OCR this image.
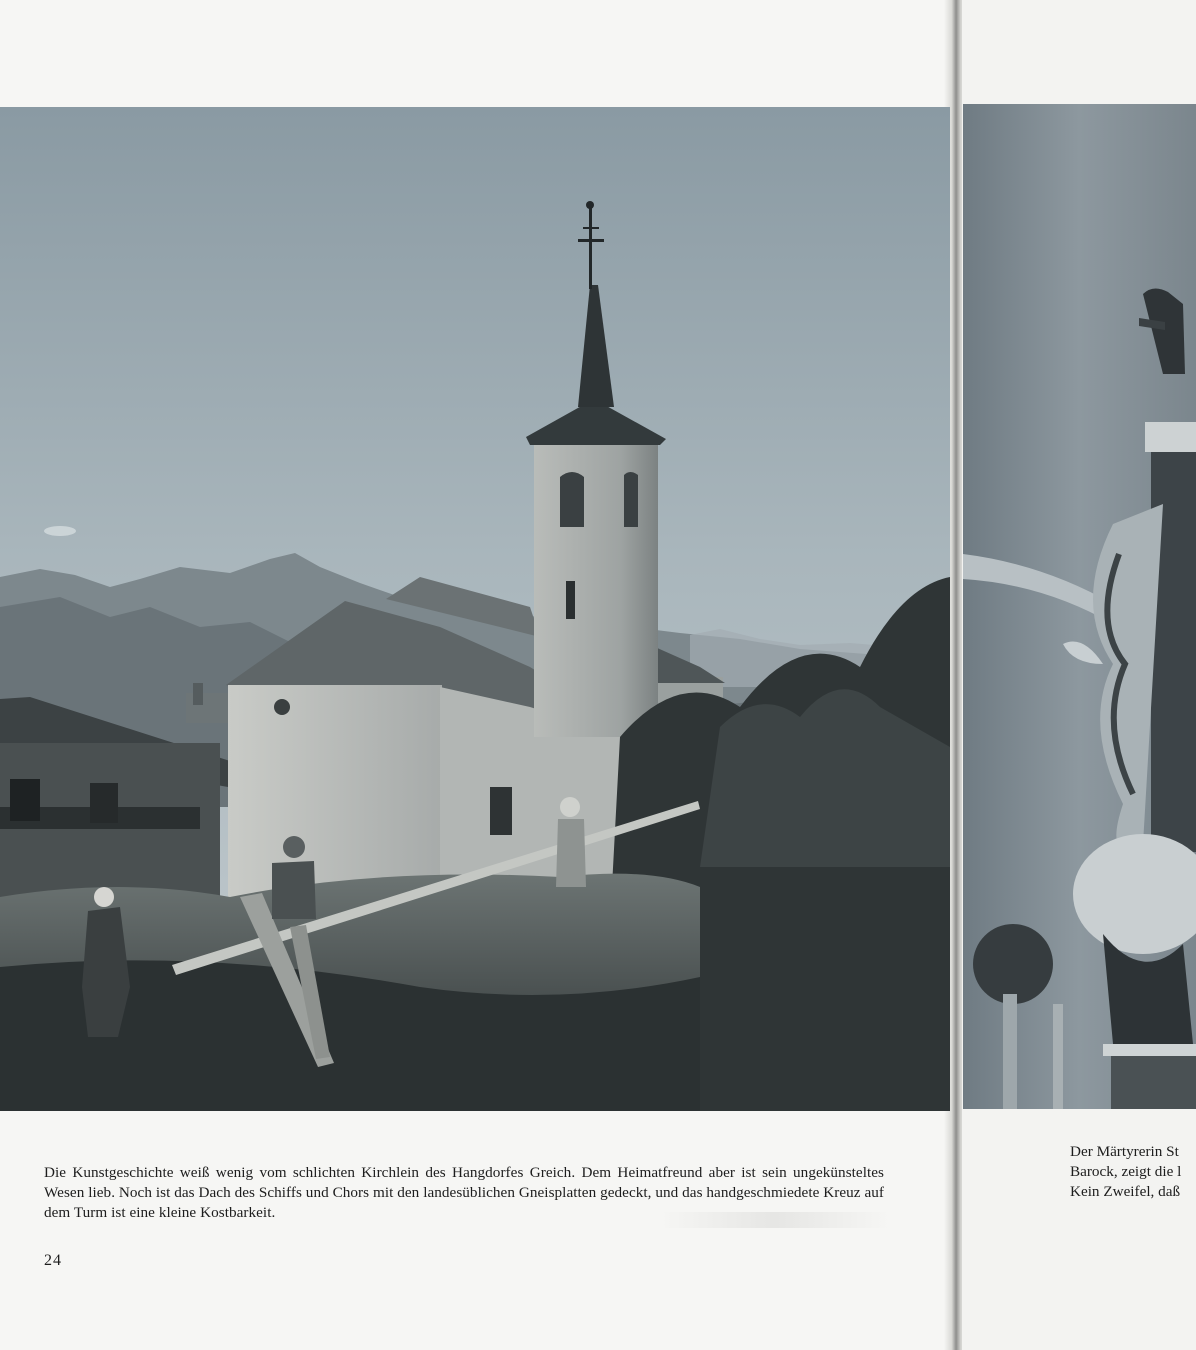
Die Kunstgeschichte weiß wenig vom schlichten Kirchlein des Hangdorfes Greich. Dem Heimatfreund aber ist sein ungekünsteltes Wesen lieb. Noch ist das Dach des Schiffs und Chors mit den landesüblichen Gneisplatten gedeckt, und das handgeschmiedete Kreuz auf dem Turm ist eine kleine Kostbarkeit.

Der Märtyrerin St
Barock, zeigt die l
Kein Zweifel, daß
24
